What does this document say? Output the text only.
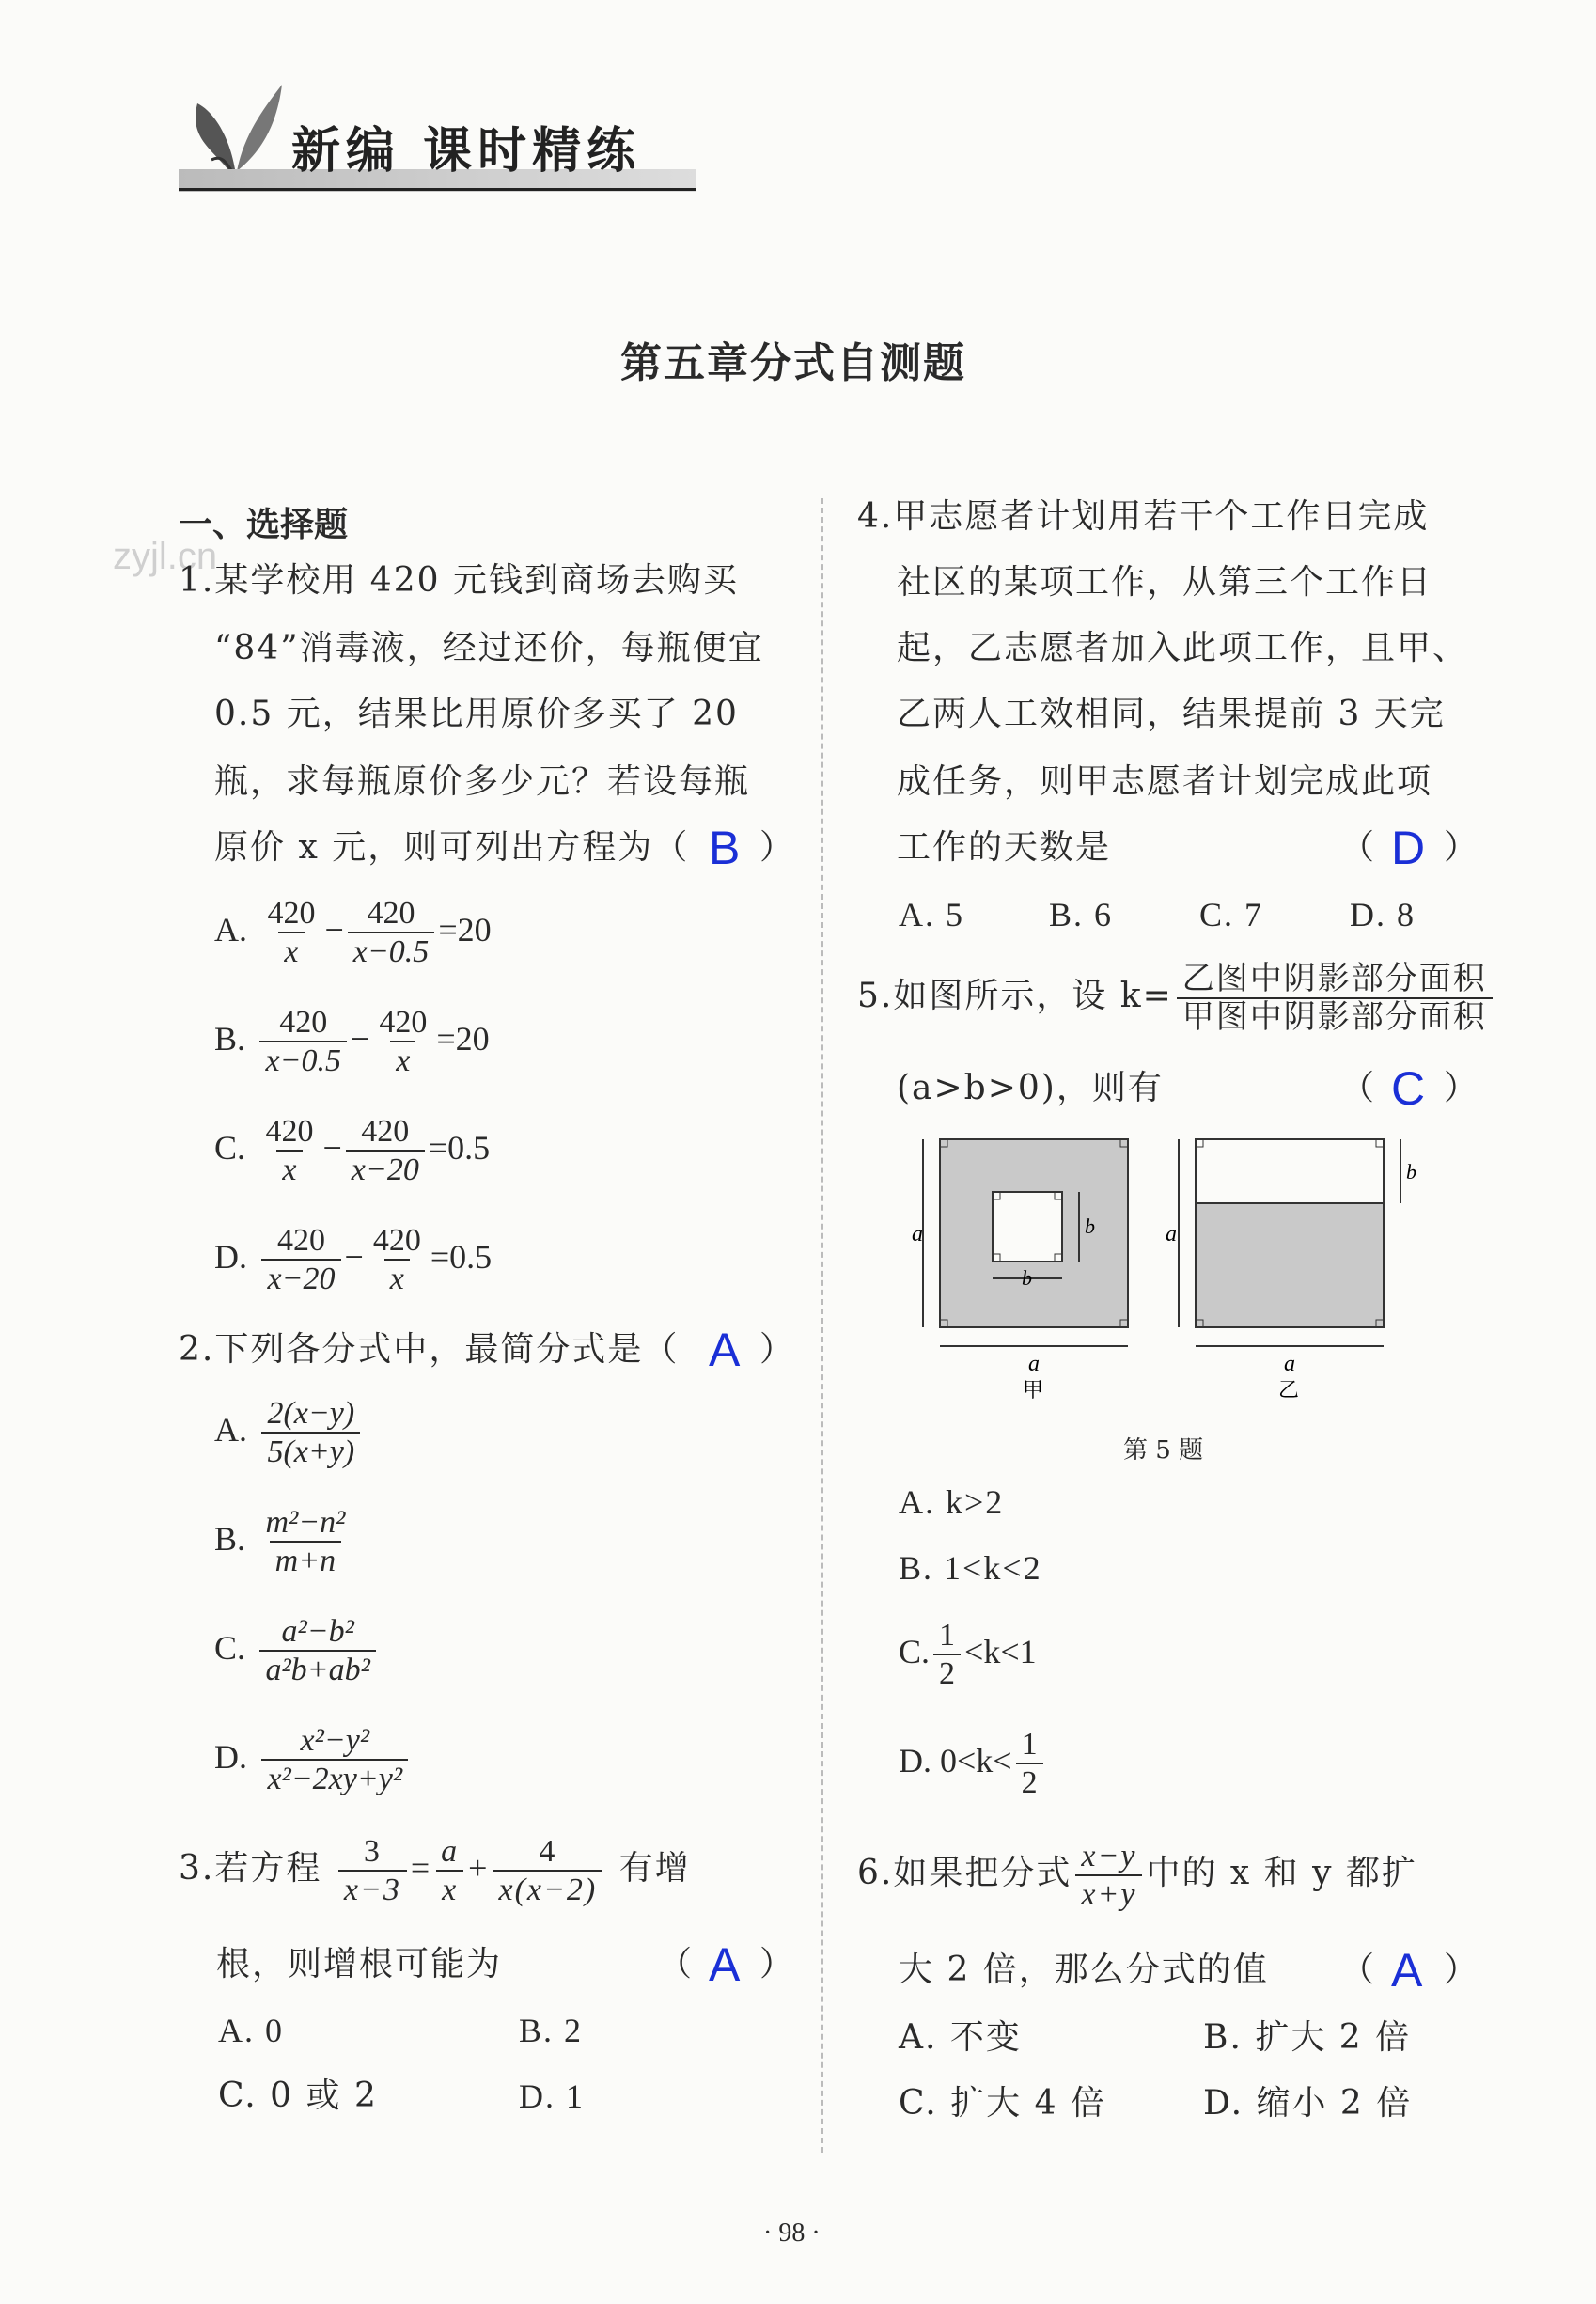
新编 课时精练
第五章分式自测题
zyjl.cn
一、选择题
1.某学校用 420 元钱到商场去购买
“84”消毒液，经过还价，每瓶便宜
0.5 元，结果比用原价多买了 20
瓶，求每瓶原价多少元？若设每瓶
原价 x 元，则可列出方程为（ B ）
A. $\frac{420}{x} - \frac{420}{x-0.5} =20$
B. $\frac{420}{x-0.5} - \frac{420}{x} =20$
C. $\frac{420}{x} - \frac{420}{x-20} =0.5$
D. $\frac{420}{x-20} - \frac{420}{x} =0.5$
2.下列各分式中，最简分式是（ A ）
A. $\frac{2(x-y)}{5(x+y)}$
B. $\frac{\text{m²−n²}}{m+n}$
C. $\frac{\text{a²−b²}}{\text{a²b+ab²}}$
D. $\frac{\text{x²−y²}}{\text{x²−2xy+y²}}$
3.若方程 $\frac{3}{x-3} = \frac{a}{x} + \frac{4}{x(x-2)}$ 有增
根，则增根可能为	（ A ）
A. 0	B. 2
C. 0 或 2	D. 1
4.甲志愿者计划用若干个工作日完成
社区的某项工作，从第三个工作日
起，乙志愿者加入此项工作，且甲、
乙两人工效相同，结果提前 3 天完
成任务，则甲志愿者计划完成此项
工作的天数是	（ D ）
A. 5	B. 6	C. 7	D. 8
5.如图所示，设 $k= \frac{\text{乙图中阴影部分面积}}{\text{甲图中阴影部分面积}}$
(a>b>0)，则有	（ C ）
a
a
b
b
甲
a
a
b
乙
第 5 题
A. k>2
B. 1<k<2
C. $\frac{1}{2} <k<1$
D. $0<k< \frac{1}{2}$
6.如果把分式 $\frac{x-y}{x+y}$ 中的 x 和 y 都扩
大 2 倍，那么分式的值 （ A ）
A. 不变	B. 扩大 2 倍
C. 扩大 4 倍	D. 缩小 2 倍
· 98 ·
